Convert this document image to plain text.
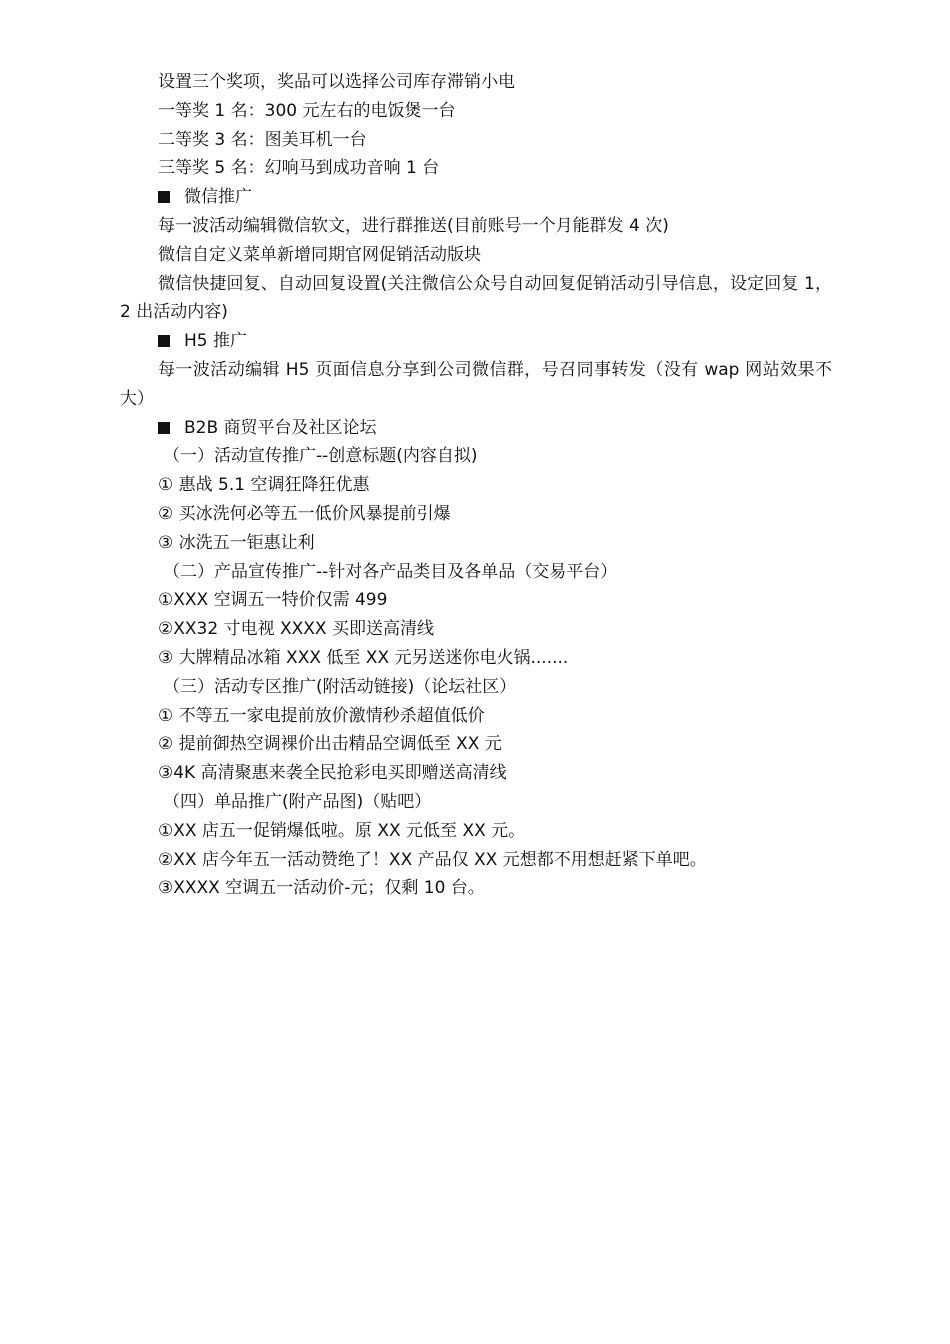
设置三个奖项，奖品可以选择公司库存滞销小电
一等奖 1 名：300 元左右的电饭煲一台
二等奖 3 名：图美耳机一台
三等奖 5 名：幻响马到成功音响 1 台
微信推广
每一波活动编辑微信软文，进行群推送(目前账号一个月能群发 4 次)
微信自定义菜单新增同期官网促销活动版块
微信快捷回复、自动回复设置(关注微信公众号自动回复促销活动引导信息，设定回复 1，2 出活动内容)
H5 推广
每一波活动编辑 H5 页面信息分享到公司微信群，号召同事转发（没有 wap 网站效果不大）
B2B 商贸平台及社区论坛
（一）活动宣传推广--创意标题(内容自拟)
① 惠战 5.1 空调狂降狂优惠
② 买冰洗何必等五一低价风暴提前引爆
③ 冰洗五一钜惠让利
（二）产品宣传推广--针对各产品类目及各单品（交易平台）
①XXX 空调五一特价仅需 499
②XX32 寸电视 XXXX 买即送高清线
③ 大牌精品冰箱 XXX 低至 XX 元另送迷你电火锅.......
（三）活动专区推广(附活动链接)（论坛社区）
① 不等五一家电提前放价激情秒杀超值低价
② 提前御热空调裸价出击精品空调低至 XX 元
③4K 高清聚惠来袭全民抢彩电买即赠送高清线
（四）单品推广(附产品图)（贴吧）
①XX 店五一促销爆低啦。原 XX 元低至 XX 元。
②XX 店今年五一活动赞绝了！XX 产品仅 XX 元想都不用想赶紧下单吧。
③XXXX 空调五一活动价-元；仅剩 10 台。
